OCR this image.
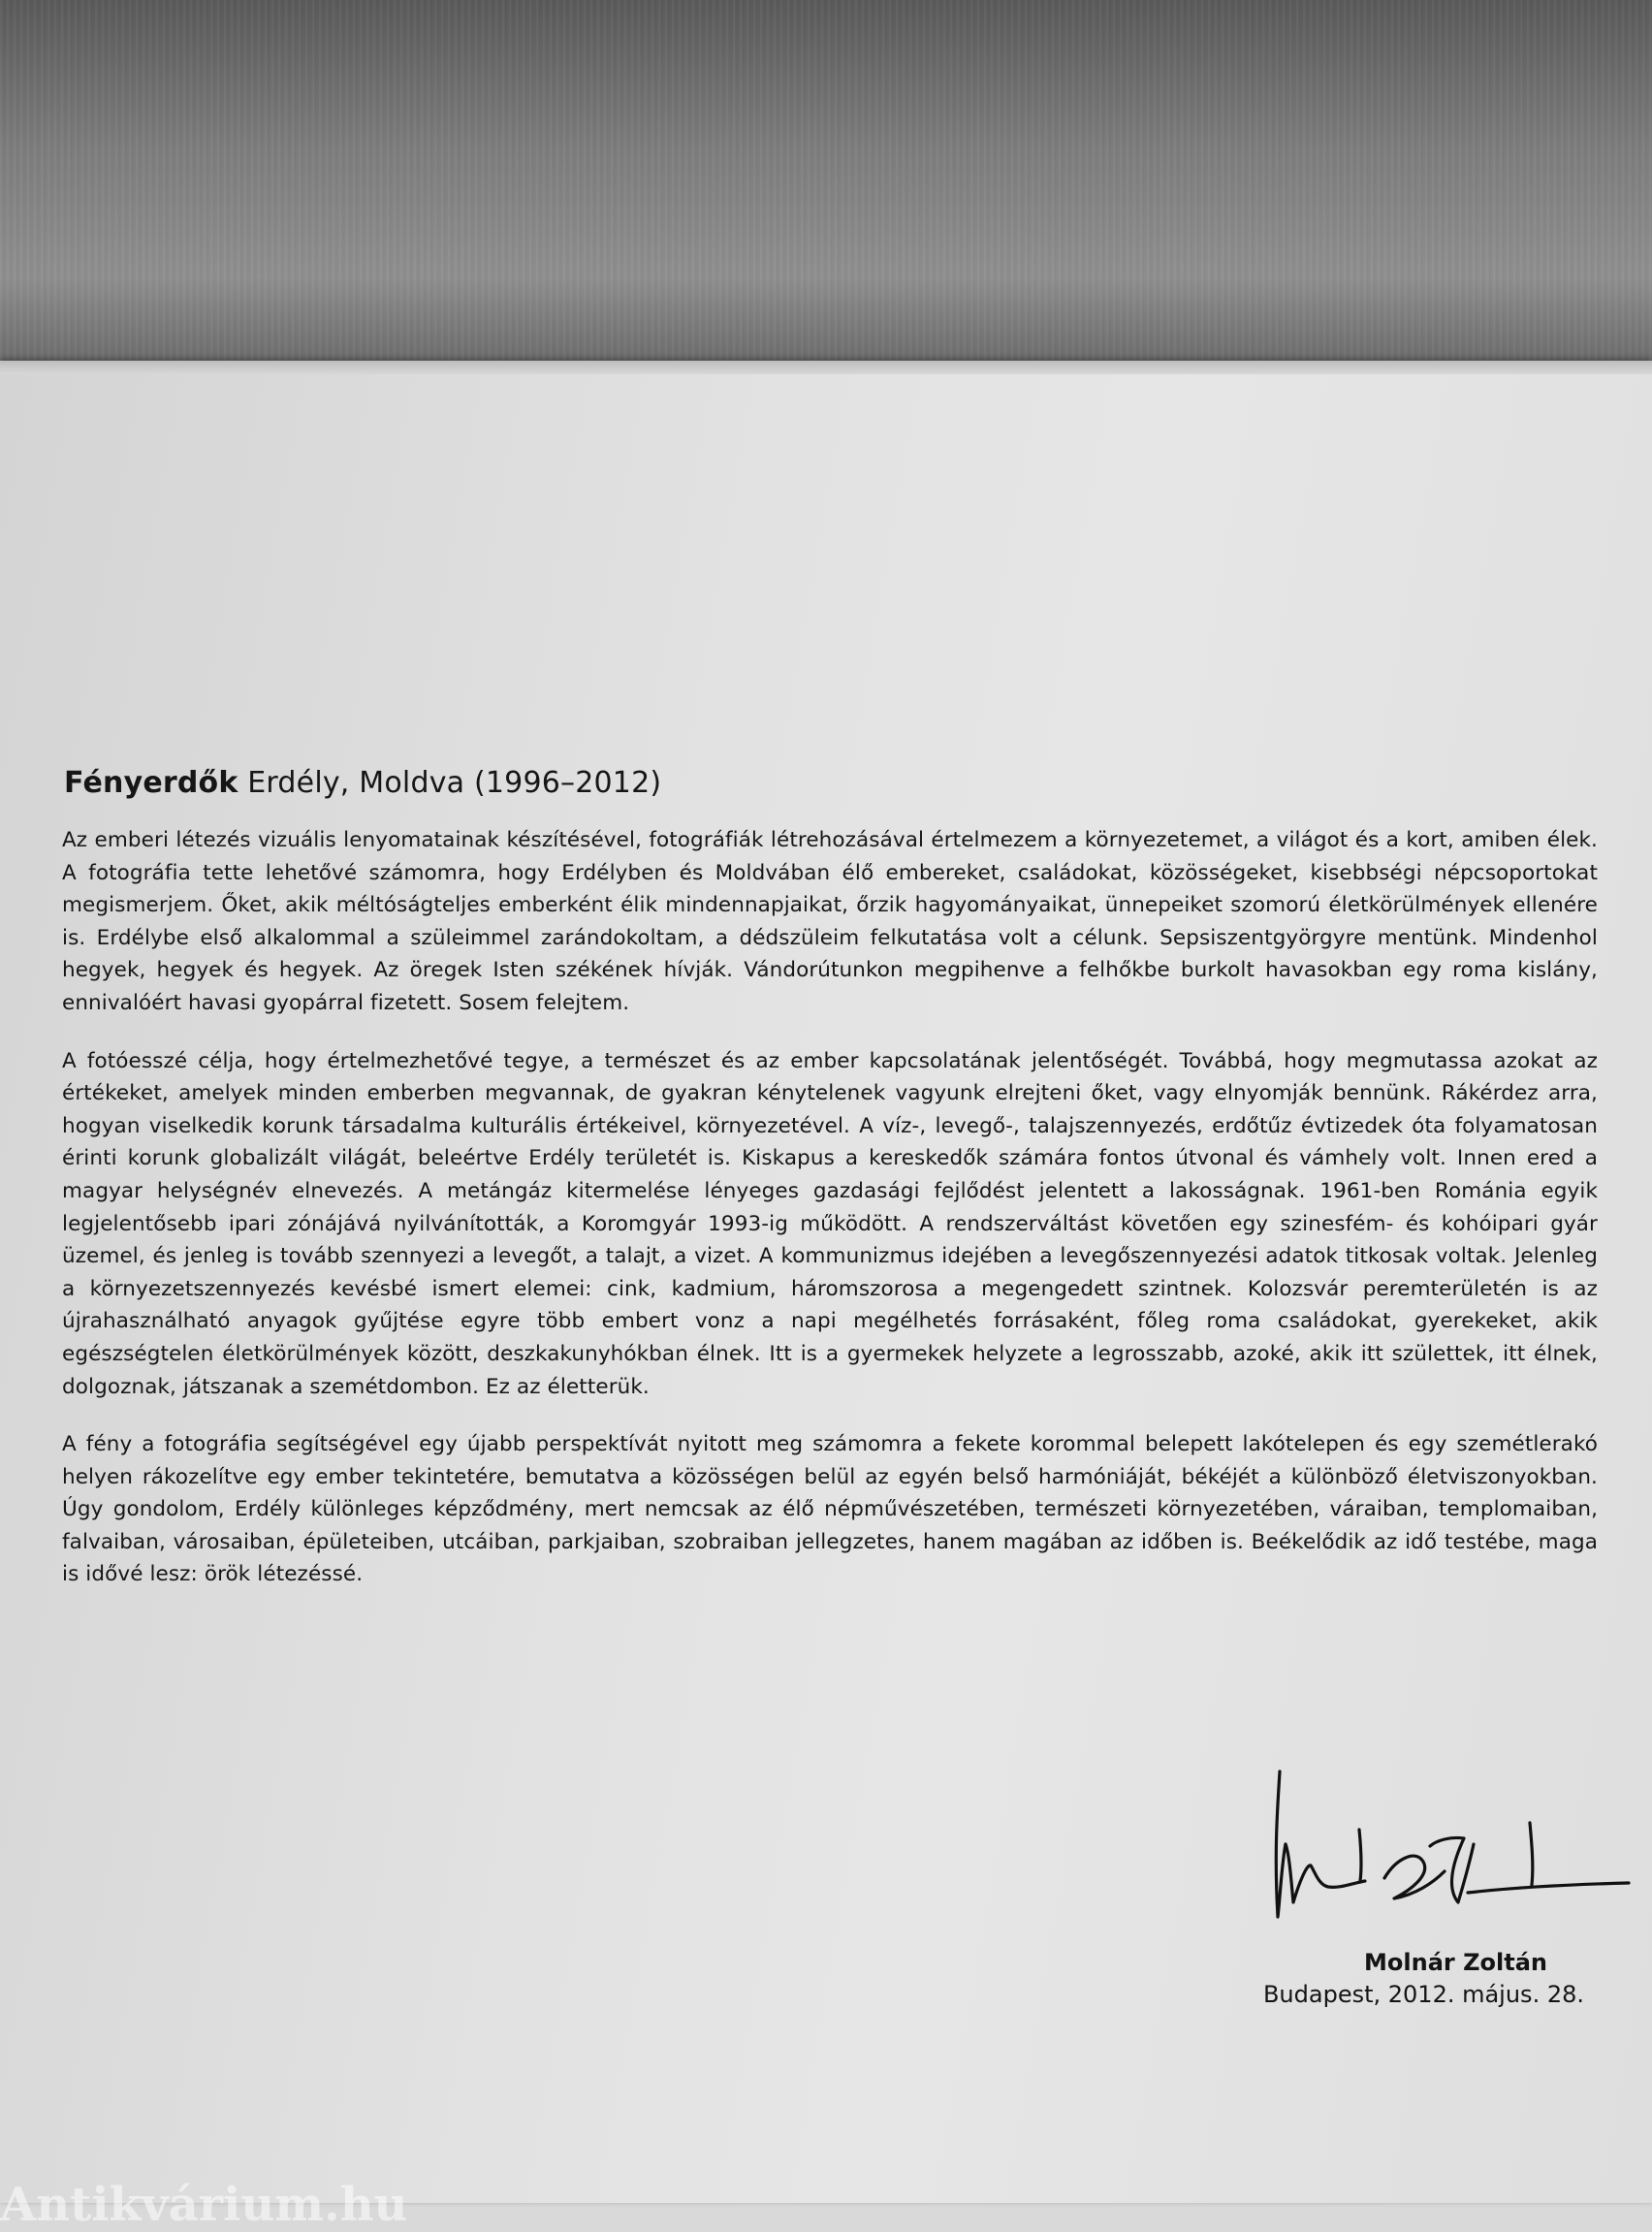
Fényerdők Erdély, Moldva (1996–2012)

Az emberi létezés vizuális lenyomatainak készítésével, fotográfiák létrehozásával értelmezem a környezetemet, a világot és a kort, amiben élek. A fotográfia tette lehetővé számomra, hogy Erdélyben és Moldvában élő embereket, családokat, közösségeket, kisebbségi népcsoportokat megismerjem. Őket, akik méltóságteljes emberként élik mindennapjaikat, őrzik hagyományaikat, ünnepeiket szomorú életkörülmények ellenére is. Erdélybe első alkalommal a szüleimmel zarándokoltam, a dédszüleim felkutatása volt a célunk. Sepsiszentgyörgyre mentünk. Mindenhol hegyek, hegyek és hegyek. Az öregek Isten székének hívják. Vándorútunkon megpihenve a felhőkbe burkolt havasokban egy roma kislány, ennivalóért havasi gyopárral fizetett. Sosem felejtem.

A fotóesszé célja, hogy értelmezhetővé tegye, a természet és az ember kapcsolatának jelentőségét. Továbbá, hogy megmutassa azokat az értékeket, amelyek minden emberben megvannak, de gyakran kénytelenek vagyunk elrejteni őket, vagy elnyomják bennünk. Rákérdez arra, hogyan viselkedik korunk társadalma kulturális értékeivel, környezetével. A víz-, levegő-, talajszennyezés, erdőtűz évtizedek óta folyamatosan érinti korunk globalizált világát, beleértve Erdély területét is. Kiskapus a kereskedők számára fontos útvonal és vámhely volt. Innen ered a magyar helységnév elnevezés. A metángáz kitermelése lényeges gazdasági fejlődést jelentett a lakosságnak. 1961-ben Románia egyik legjelentősebb ipari zónájává nyilvánították, a Koromgyár 1993-ig működött. A rendszerváltást követően egy szinesfém- és kohóipari gyár üzemel, és jenleg is tovább szennyezi a levegőt, a talajt, a vizet. A kommunizmus idejében a levegőszennyezési adatok titkosak voltak. Jelenleg a környezetszennyezés kevésbé ismert elemei: cink, kadmium, háromszorosa a megengedett szintnek. Kolozsvár peremterületén is az újrahasználható anyagok gyűjtése egyre több embert vonz a napi megélhetés forrásaként, főleg roma családokat, gyerekeket, akik egészségtelen életkörülmények között, deszkakunyhókban élnek. Itt is a gyermekek helyzete a legrosszabb, azoké, akik itt születtek, itt élnek, dolgoznak, játszanak a szemétdombon. Ez az életterük.

A fény a fotográfia segítségével egy újabb perspektívát nyitott meg számomra a fekete korommal belepett lakótelepen és egy szemétlerakó helyen rákozelítve egy ember tekintetére, bemutatva a közösségen belül az egyén belső harmóniáját, békéjét a különböző életviszonyokban. Úgy gondolom, Erdély különleges képződmény, mert nemcsak az élő népművészetében, természeti környezetében, váraiban, templomaiban, falvaiban, városaiban, épületeiben, utcáiban, parkjaiban, szobraiban jellegzetes, hanem magában az időben is. Beékelődik az idő testébe, maga is idővé lesz: örök létezéssé.

Molnár Zoltán
Budapest, 2012. május. 28.
Antikvárium.hu
